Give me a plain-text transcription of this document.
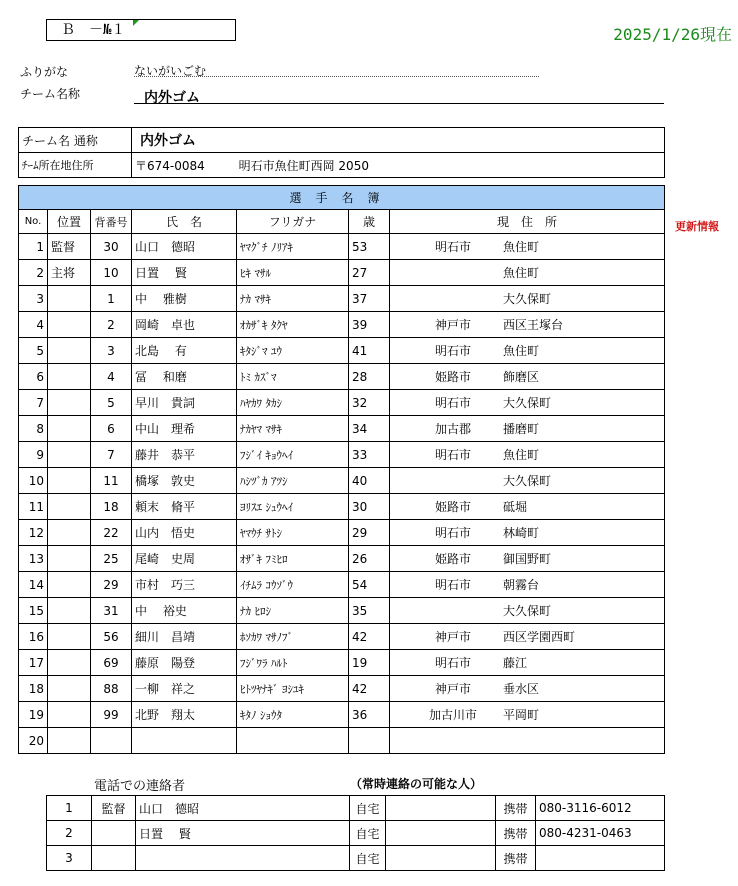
Ｂ　－№１	2025/1/26現在
ふりがな	ないがいごむ
チーム名称	内外ゴム
チーム名 通称	内外ゴム
ﾁｰﾑ所在地住所	〒674-0084 明石市魚住町西岡 2050
選手名簿						
No.	位置	背番号	氏　名	フリガナ	歳	現　住　所
1	監督	30	山口　德昭	ﾔﾏｸﾞﾁ ﾉﾘｱｷ	53	明石市 魚住町
2	主将	10	日置　 賢	ﾋｷ ﾏｻﾙ	27	魚住町
3		1	中　 雅樹	ﾅｶ ﾏｻｷ	37	大久保町
4		2	岡崎　卓也	ｵｶｻﾞｷ ﾀｸﾔ	39	神戸市 西区王塚台
5		3	北島　 有	ｷﾀｼﾞﾏ ﾕｳ	41	明石市 魚住町
6		4	冨　 和磨	ﾄﾐ ｶｽﾞﾏ	28	姫路市 飾磨区
7		5	早川　貴詞	ﾊﾔｶﾜ ﾀｶｼ	32	明石市 大久保町
8		6	中山　理希	ﾅｶﾔﾏ ﾏｻｷ	34	加古郡 播磨町
9		7	藤井　恭平	ﾌｼﾞｲ ｷｮｳﾍｲ	33	明石市 魚住町
10		11	橋塚　敦史	ﾊｼﾂﾞｶ ｱﾂｼ	40	大久保町
11		18	頼末　脩平	ﾖﾘｽｴ ｼｭｳﾍｲ	30	姫路市 砥堀
12		22	山内　悟史	ﾔﾏｳﾁ ｻﾄｼ	29	明石市 林崎町
13		25	尾崎　史周	ｵｻﾞｷ ﾌﾐﾋﾛ	26	姫路市 御国野町
14		29	市村　巧三	ｲﾁﾑﾗ ｺｳｿﾞｳ	54	明石市 朝霧台
15		31	中　 裕史	ﾅｶ ﾋﾛｼ	35	大久保町
16		56	細川　昌靖	ﾎｿｶﾜ ﾏｻﾉﾌﾞ	42	神戸市 西区学園西町
17		69	藤原　陽登	ﾌｼﾞﾜﾗ ﾊﾙﾄ	19	明石市 藤江
18		88	一柳　祥之	ﾋﾄﾂﾔﾅｷﾞ ﾖｼﾕｷ	42	神戸市 垂水区
19		99	北野　翔太	ｷﾀﾉ ｼｮｳﾀ	36	加古川市 平岡町
20						
更新情報
電話での連絡者	（常時連絡の可能な人）
1	監督	山口　德昭	自宅		携帯	080-3116-6012
2		日置　 賢	自宅		携帯	080-4231-0463
3			自宅		携帯	
